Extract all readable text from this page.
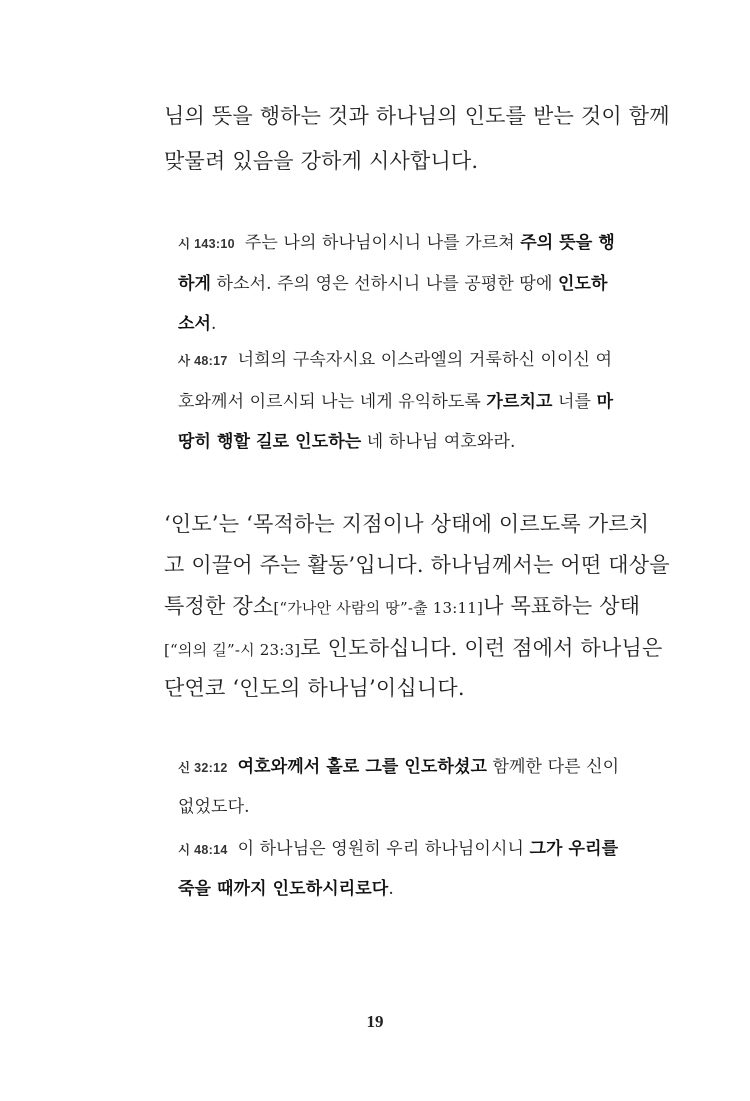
님의 뜻을 행하는 것과 하나님의 인도를 받는 것이 함께
맞물려 있음을 강하게 시사합니다.
시 143:10 주는 나의 하나님이시니 나를 가르쳐 주의 뜻을 행
하게 하소서. 주의 영은 선하시니 나를 공평한 땅에 인도하
소서.
사 48:17 너희의 구속자시요 이스라엘의 거룩하신 이이신 여
호와께서 이르시되 나는 네게 유익하도록 가르치고 너를 마
땅히 행할 길로 인도하는 네 하나님 여호와라.
‘인도’는 ‘목적하는 지점이나 상태에 이르도록 가르치
고 이끌어 주는 활동’입니다. 하나님께서는 어떤 대상을
특정한 장소[“가나안 사람의 땅”-출 13:11]나 목표하는 상태
[“의의 길”-시 23:3]로 인도하십니다. 이런 점에서 하나님은
단연코 ‘인도의 하나님’이십니다.
신 32:12 여호와께서 홀로 그를 인도하셨고 함께한 다른 신이
없었도다.
시 48:14 이 하나님은 영원히 우리 하나님이시니 그가 우리를
죽을 때까지 인도하시리로다.
19
